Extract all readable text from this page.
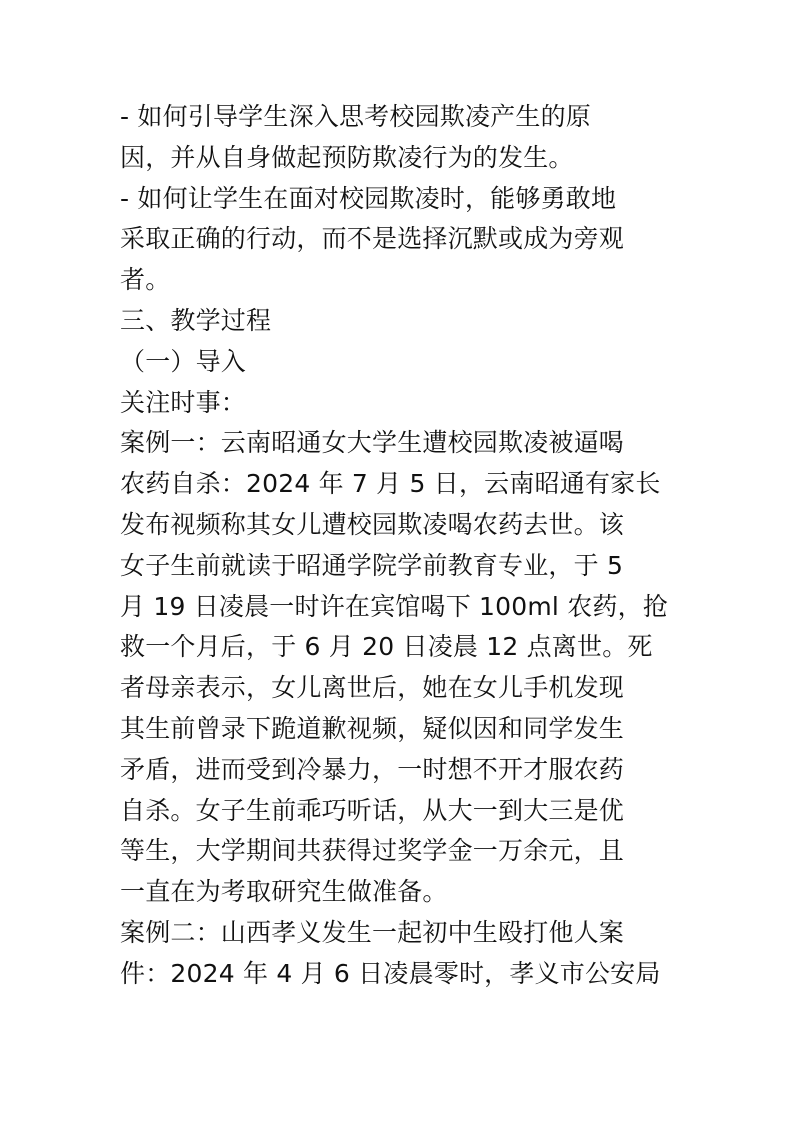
- 如何引导学生深入思考校园欺凌产生的原
因，并从自身做起预防欺凌行为的发生。
- 如何让学生在面对校园欺凌时，能够勇敢地
采取正确的行动，而不是选择沉默或成为旁观
者。
三、教学过程
（一）导入
关注时事：
案例一：云南昭通女大学生遭校园欺凌被逼喝
农药自杀：2024 年 7 月 5 日，云南昭通有家长
发布视频称其女儿遭校园欺凌喝农药去世。该
女子生前就读于昭通学院学前教育专业，于 5
月 19 日凌晨一时许在宾馆喝下 100ml 农药，抢
救一个月后，于 6 月 20 日凌晨 12 点离世。死
者母亲表示，女儿离世后，她在女儿手机发现
其生前曾录下跪道歉视频，疑似因和同学发生
矛盾，进而受到冷暴力，一时想不开才服农药
自杀。女子生前乖巧听话，从大一到大三是优
等生，大学期间共获得过奖学金一万余元，且
一直在为考取研究生做准备。
案例二：山西孝义发生一起初中生殴打他人案
件：2024 年 4 月 6 日凌晨零时，孝义市公安局
